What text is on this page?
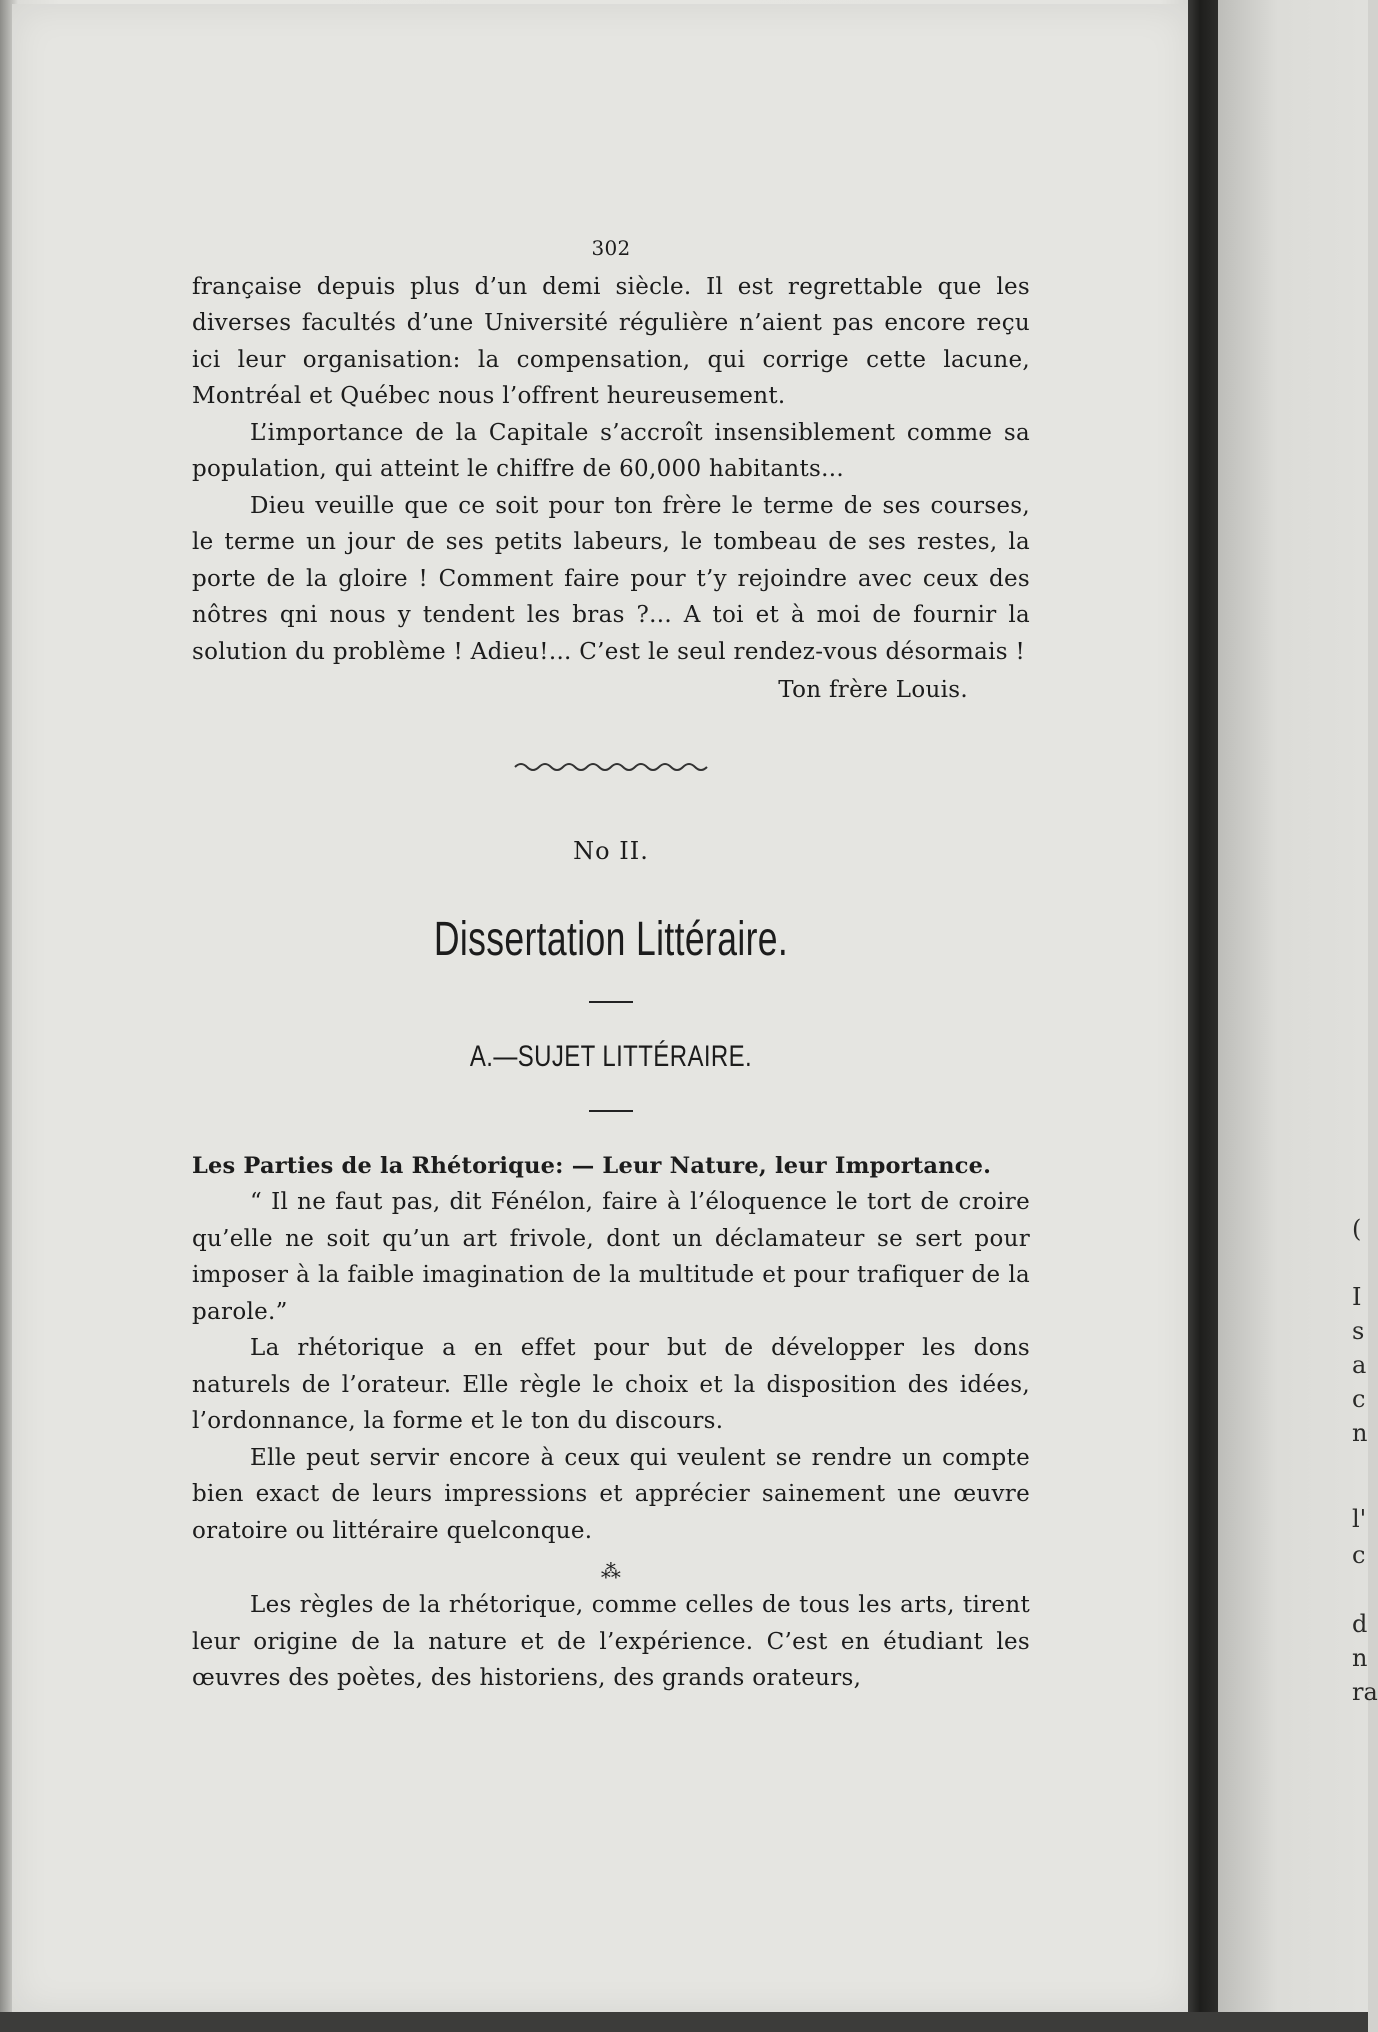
(
I
s
a
c
n
l'
c
d
n
ra
302

française depuis plus d’un demi siècle. Il est regrettable que les diverses facultés d’une Université régulière n’aient pas encore reçu ici leur organisation: la compensation, qui corrige cette lacune, Montréal et Québec nous l’offrent heureusement.

L’importance de la Capitale s’accroît insensiblement comme sa population, qui atteint le chiffre de 60,000 habitants...

Dieu veuille que ce soit pour ton frère le terme de ses courses, le terme un jour de ses petits labeurs, le tombeau de ses restes, la porte de la gloire ! Comment faire pour t’y rejoindre avec ceux des nôtres qni nous y tendent les bras ?... A toi et à moi de fournir la solution du problème ! Adieu!... C’est le seul rendez-vous désormais !

Ton frère Louis.
No II.
Dissertation Littéraire.
A.—SUJET LITTÉRAIRE.

Les Parties de la Rhétorique: — Leur Nature, leur Importance.

“ Il ne faut pas, dit Fénélon, faire à l’éloquence le tort de croire qu’elle ne soit qu’un art frivole, dont un déclamateur se sert pour imposer à la faible imagination de la multitude et pour trafiquer de la parole.”

La rhétorique a en effet pour but de développer les dons naturels de l’orateur. Elle règle le choix et la disposition des idées, l’ordonnance, la forme et le ton du discours.

Elle peut servir encore à ceux qui veulent se rendre un compte bien exact de leurs impressions et apprécier sainement une œuvre oratoire ou littéraire quelconque.

⁂

Les règles de la rhétorique, comme celles de tous les arts, tirent leur origine de la nature et de l’expérience. C’est en étudiant les œuvres des poètes, des historiens, des grands orateurs,
